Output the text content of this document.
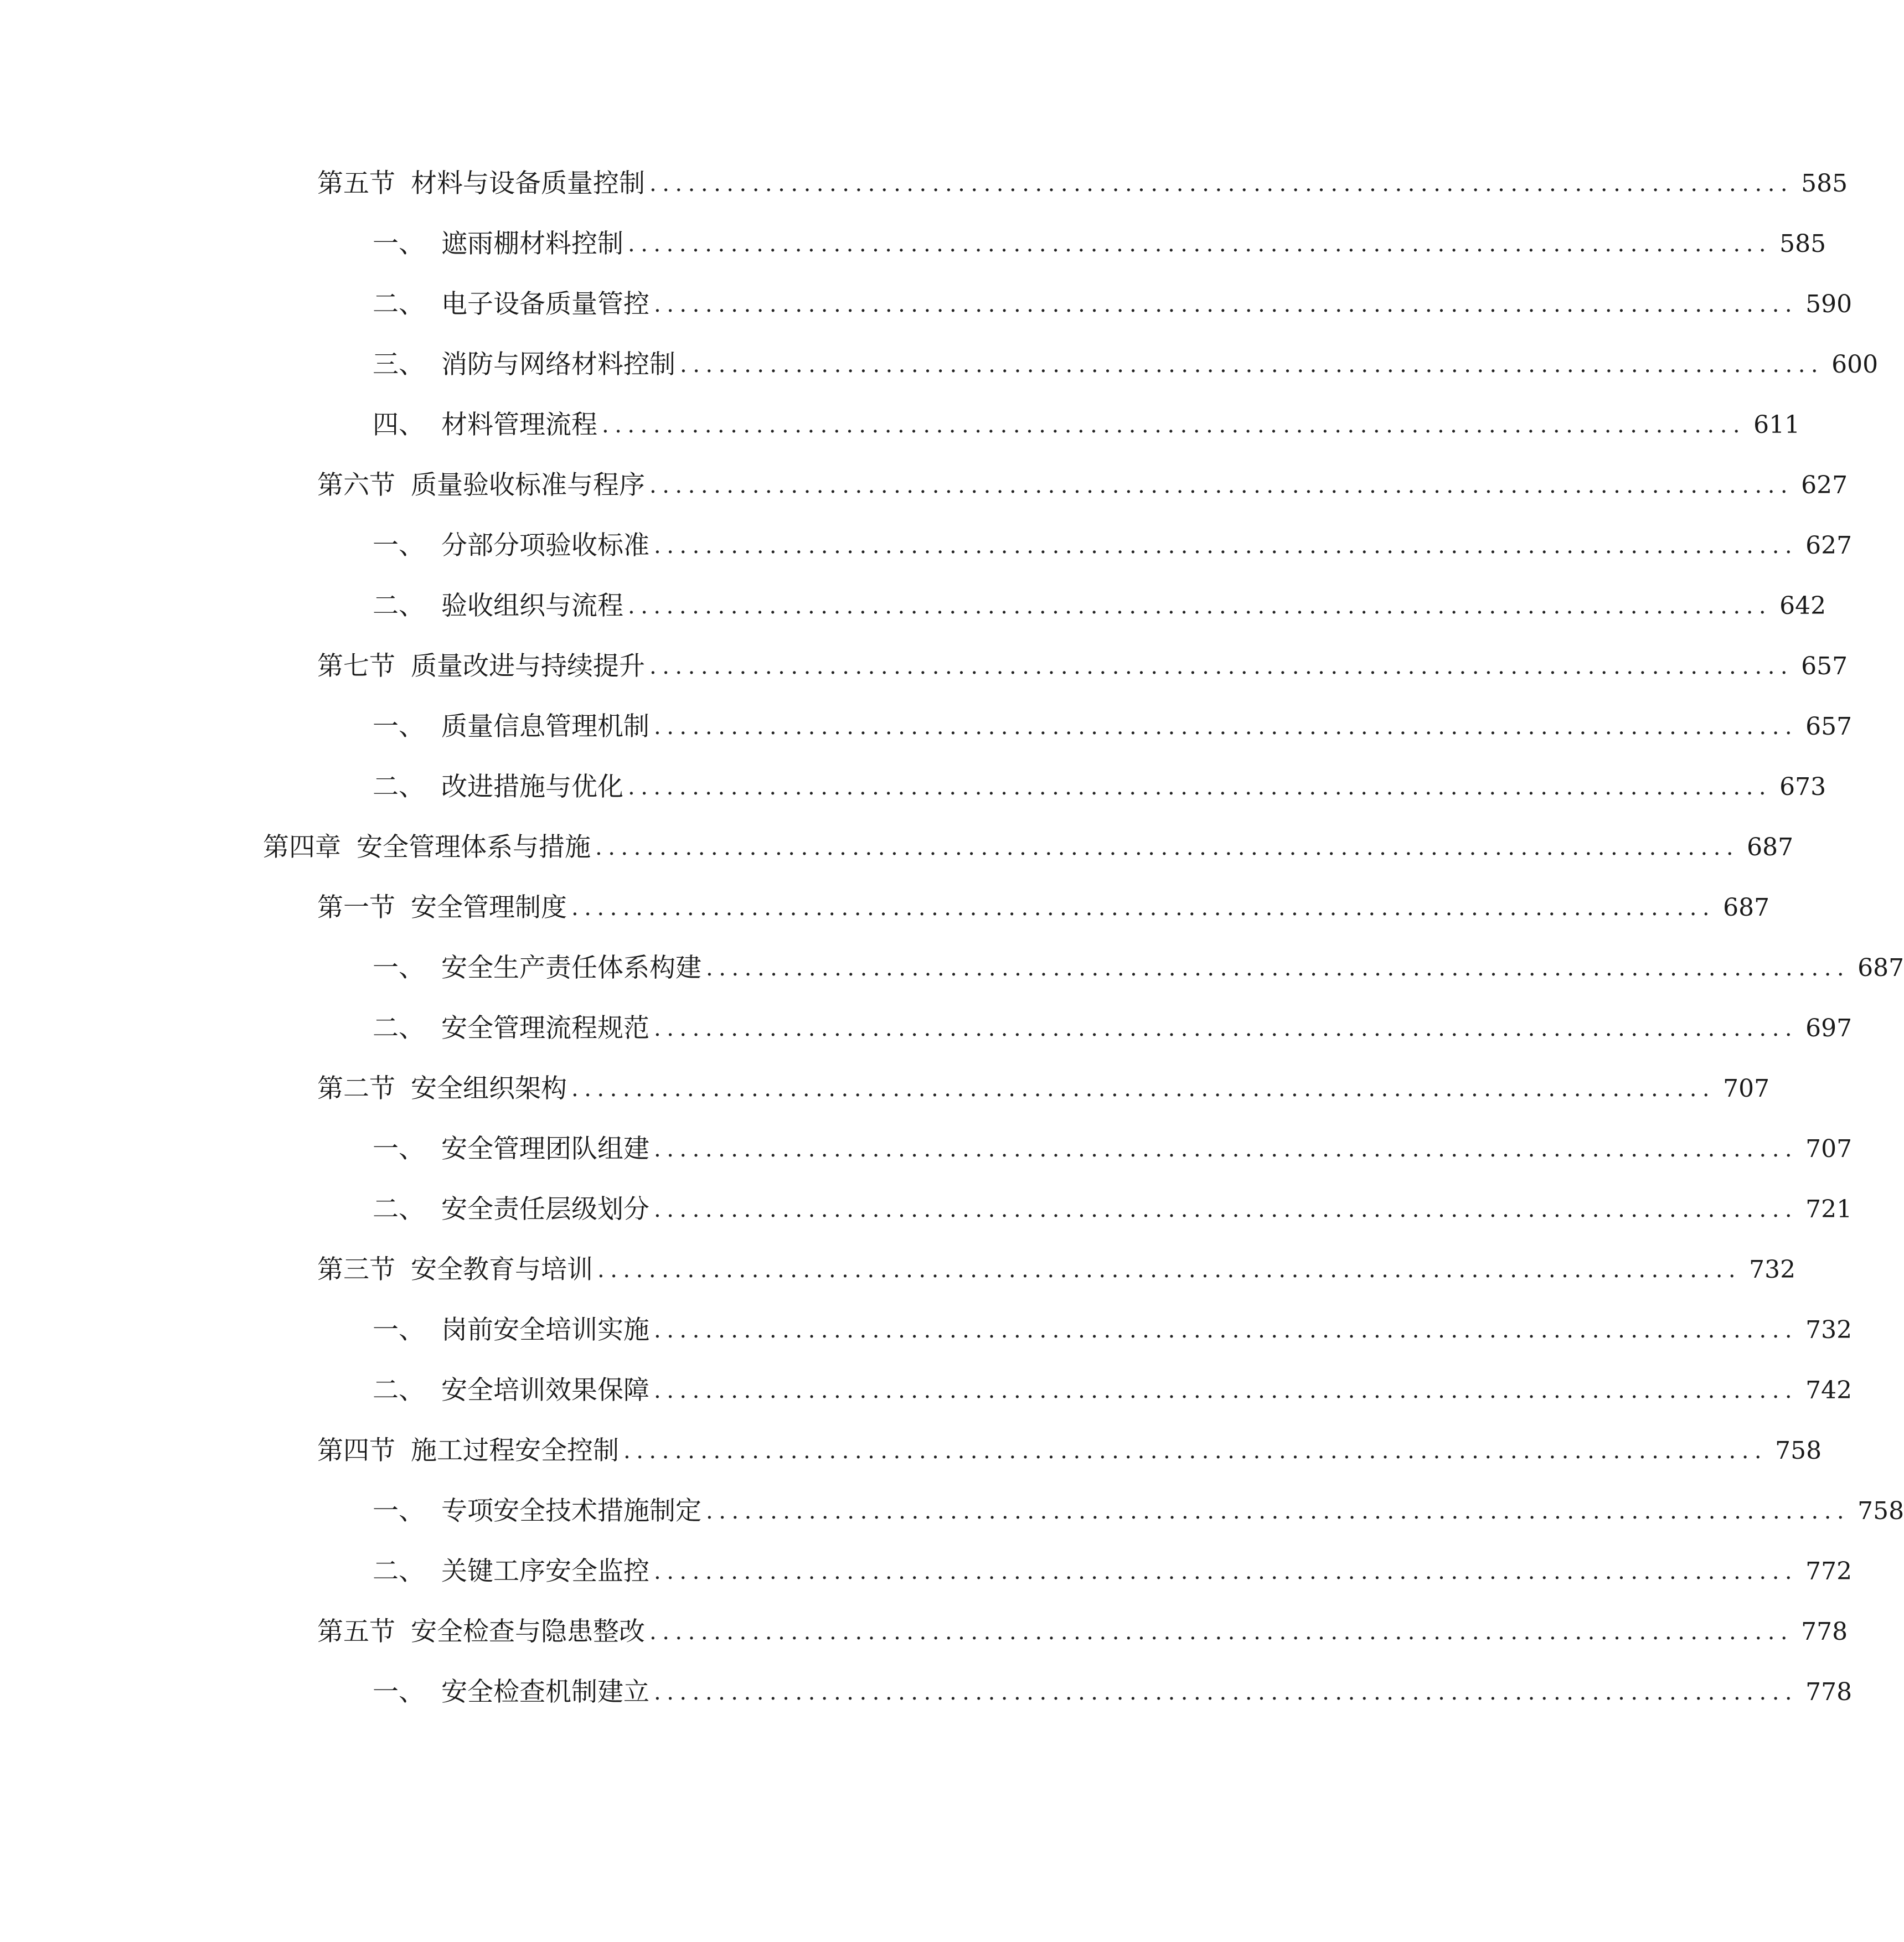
第五节 材料与设备质量控制 ......................................................................................... 585
一、 遮雨棚材料控制 ......................................................................................... 585
二、 电子设备质量管控 ......................................................................................... 590
三、 消防与网络材料控制 ......................................................................................... 600
四、 材料管理流程 ......................................................................................... 611
第六节 质量验收标准与程序 ......................................................................................... 627
一、 分部分项验收标准 ......................................................................................... 627
二、 验收组织与流程 ......................................................................................... 642
第七节 质量改进与持续提升 ......................................................................................... 657
一、 质量信息管理机制 ......................................................................................... 657
二、 改进措施与优化 ......................................................................................... 673
第四章 安全管理体系与措施 ......................................................................................... 687
第一节 安全管理制度 ......................................................................................... 687
一、 安全生产责任体系构建 ......................................................................................... 687
二、 安全管理流程规范 ......................................................................................... 697
第二节 安全组织架构 ......................................................................................... 707
一、 安全管理团队组建 ......................................................................................... 707
二、 安全责任层级划分 ......................................................................................... 721
第三节 安全教育与培训 ......................................................................................... 732
一、 岗前安全培训实施 ......................................................................................... 732
二、 安全培训效果保障 ......................................................................................... 742
第四节 施工过程安全控制 ......................................................................................... 758
一、 专项安全技术措施制定 ......................................................................................... 758
二、 关键工序安全监控 ......................................................................................... 772
第五节 安全检查与隐患整改 ......................................................................................... 778
一、 安全检查机制建立 ......................................................................................... 778
